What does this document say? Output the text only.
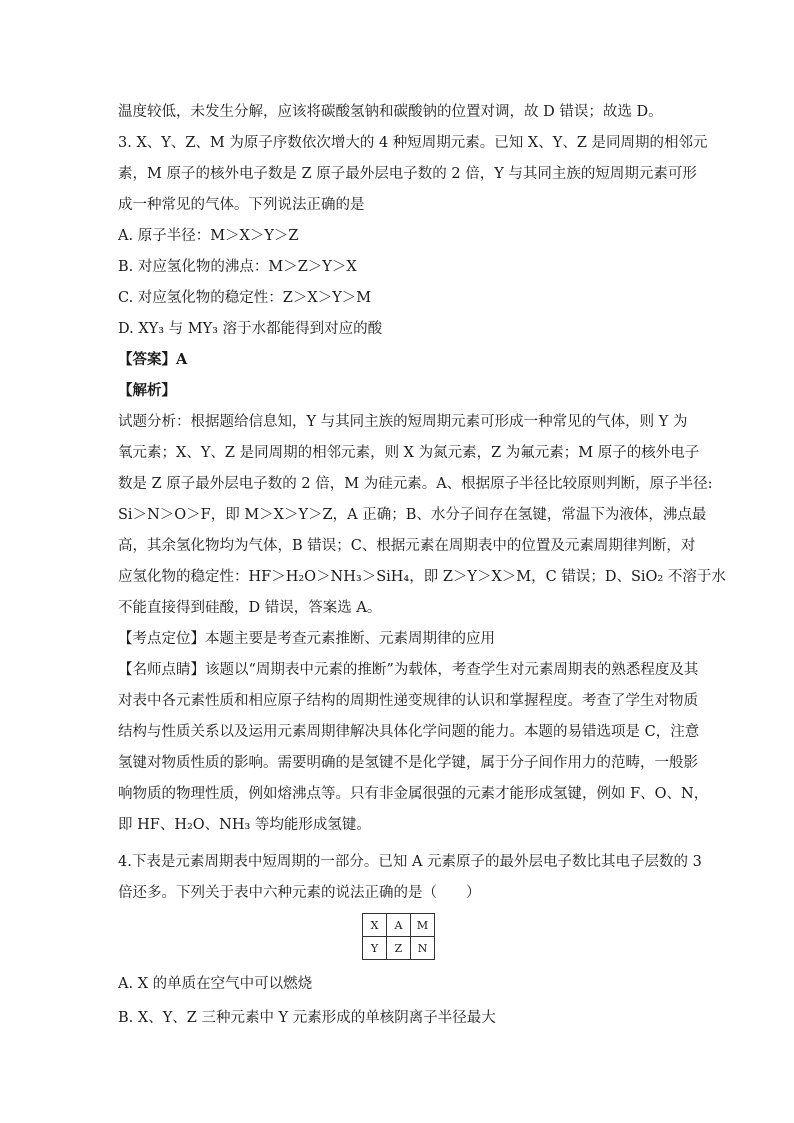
温度较低，未发生分解，应该将碳酸氢钠和碳酸钠的位置对调，故 D 错误；故选 D。
3. X、Y、Z、M 为原子序数依次增大的 4 种短周期元素。已知 X、Y、Z 是同周期的相邻元
素，M 原子的核外电子数是 Z 原子最外层电子数的 2 倍，Y 与其同主族的短周期元素可形
成一种常见的气体。下列说法正确的是
A. 原子半径：M＞X＞Y＞Z
B. 对应氢化物的沸点：M＞Z＞Y＞X
C. 对应氢化物的稳定性：Z＞X＞Y＞M
D. XY₃ 与 MY₃ 溶于水都能得到对应的酸
【答案】A
【解析】
试题分析：根据题给信息知，Y 与其同主族的短周期元素可形成一种常见的气体，则 Y 为
氧元素；X、Y、Z 是同周期的相邻元素，则 X 为氮元素，Z 为氟元素；M 原子的核外电子
数是 Z 原子最外层电子数的 2 倍，M 为硅元素。A、根据原子半径比较原则判断，原子半径:
Si＞N＞O＞F，即 M＞X＞Y＞Z，A 正确；B、水分子间存在氢键，常温下为液体，沸点最
高，其余氢化物均为气体，B 错误；C、根据元素在周期表中的位置及元素周期律判断，对
应氢化物的稳定性：HF＞H₂O＞NH₃＞SiH₄，即 Z＞Y＞X＞M，C 错误；D、SiO₂ 不溶于水
不能直接得到硅酸，D 错误，答案选 A。
【考点定位】本题主要是考查元素推断、元素周期律的应用
【名师点睛】该题以“周期表中元素的推断”为载体，考查学生对元素周期表的熟悉程度及其
对表中各元素性质和相应原子结构的周期性递变规律的认识和掌握程度。考查了学生对物质
结构与性质关系以及运用元素周期律解决具体化学问题的能力。本题的易错选项是 C，注意
氢键对物质性质的影响。需要明确的是氢键不是化学键，属于分子间作用力的范畴，一般影
响物质的物理性质，例如熔沸点等。只有非金属很强的元素才能形成氢键，例如 F、O、N，
即 HF、H₂O、NH₃ 等均能形成氢键。
4.下表是元素周期表中短周期的一部分。已知 A 元素原子的最外层电子数比其电子层数的 3
倍还多。下列关于表中六种元素的说法正确的是（　　）
X	A	M
Y	Z	N
A. X 的单质在空气中可以燃烧
B. X、Y、Z 三种元素中 Y 元素形成的单核阴离子半径最大
